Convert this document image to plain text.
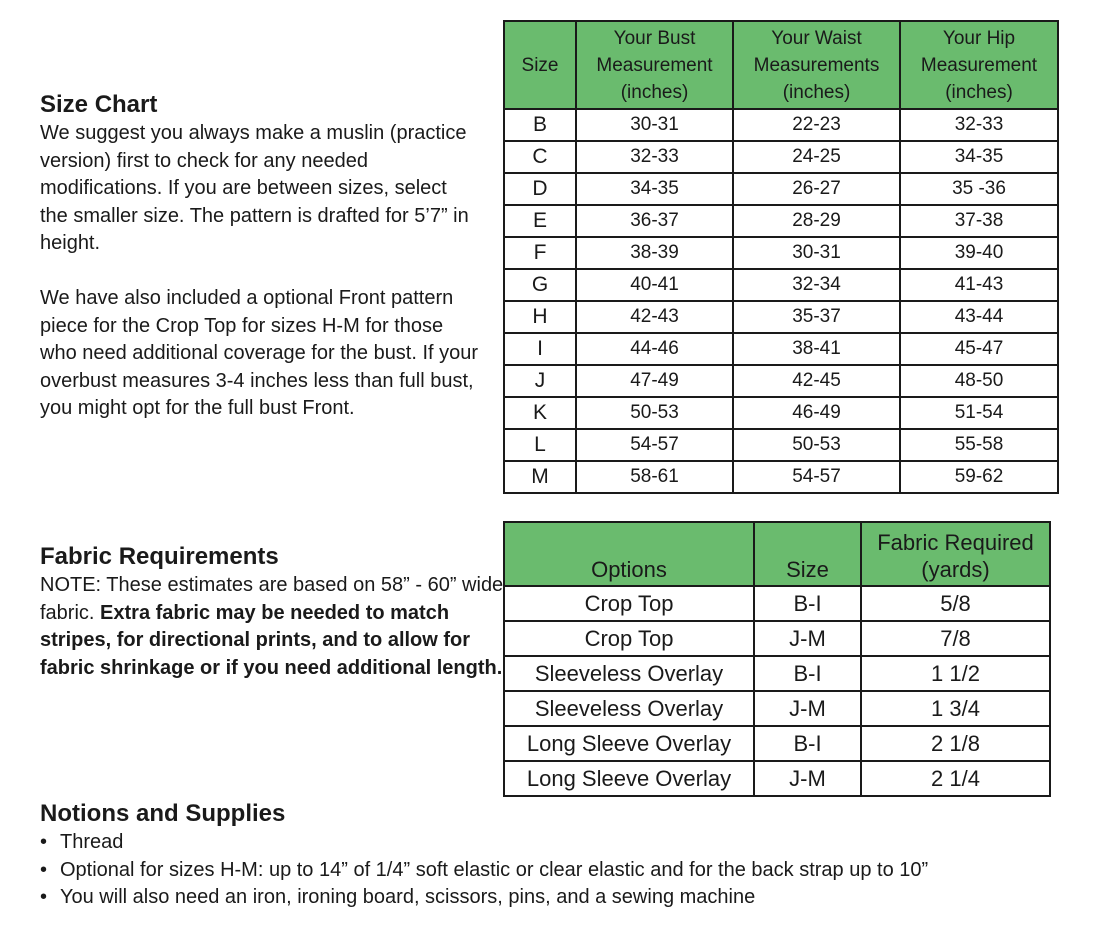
Size Chart

We suggest you always make a muslin (practice version) first to check for any needed modifications. If you are between sizes, select the smaller size. The pattern is drafted for 5’7” in height.

We have also included a optional Front pattern piece for the Crop Top for sizes H-M for those who need additional coverage for the bust. If your overbust measures 3-4 inches less than full bust, you might opt for the full bust Front.

Size	Your Bust Measurement (inches)	Your Waist Measurements (inches)	Your Hip Measurement (inches)
B	30-31	22-23	32-33
C	32-33	24-25	34-35
D	34-35	26-27	35 -36
E	36-37	28-29	37-38
F	38-39	30-31	39-40
G	40-41	32-34	41-43
H	42-43	35-37	43-44
I	44-46	38-41	45-47
J	47-49	42-45	48-50
K	50-53	46-49	51-54
L	54-57	50-53	55-58
M	58-61	54-57	59-62
Fabric Requirements

NOTE: These estimates are based on 58” - 60” wide fabric. Extra fabric may be needed to match stripes, for directional prints, and to allow for fabric shrinkage or if you need additional length.

Options	Size	Fabric Required (yards)
Crop Top	B-I	5/8
Crop Top	J-M	7/8
Sleeveless Overlay	B-I	1 1/2
Sleeveless Overlay	J-M	1 3/4
Long Sleeve Overlay	B-I	2 1/8
Long Sleeve Overlay	J-M	2 1/4
Notions and Supplies
• Thread
• Optional for sizes H-M: up to 14” of 1/4” soft elastic or clear elastic and for the back strap up to 10”
• You will also need an iron, ironing board, scissors, pins, and a sewing machine
